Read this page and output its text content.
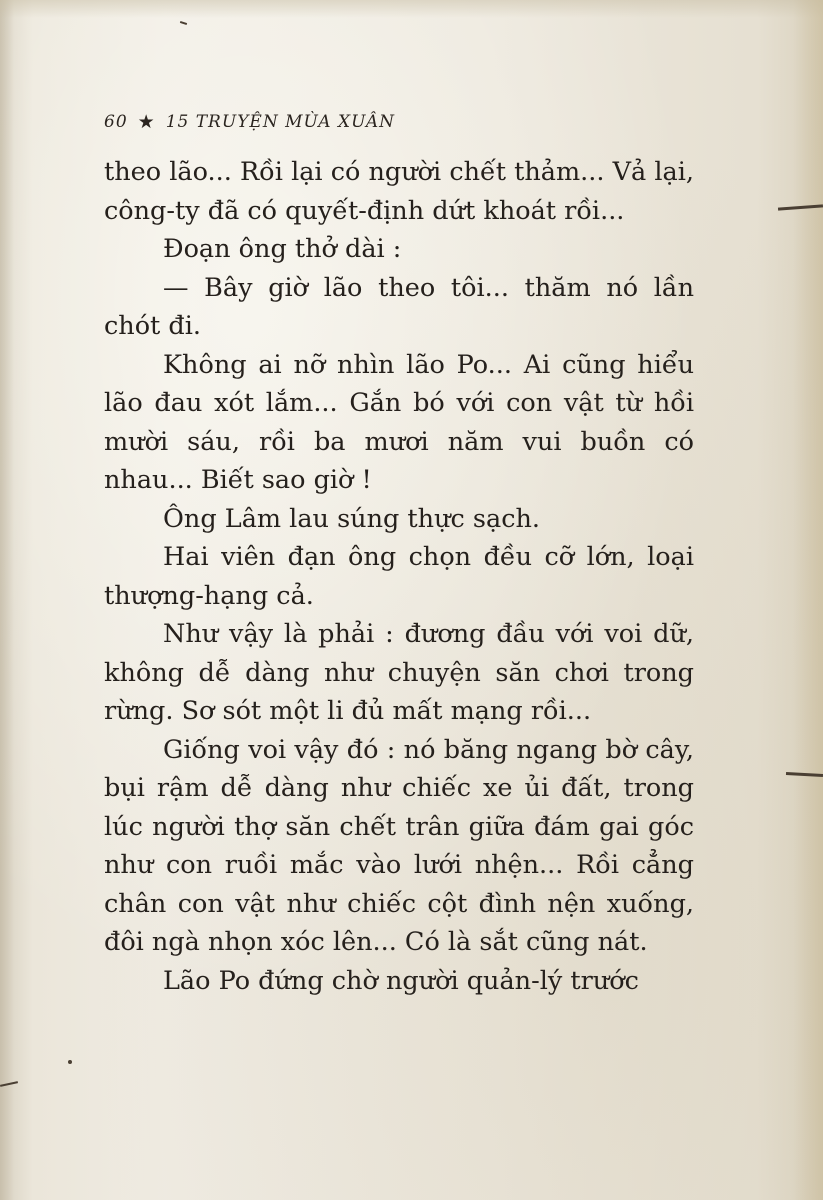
60 ★ 15 TRUYỆN MÙA XUÂN

theo lão... Rồi lại có người chết thảm... Vả lại, công-ty đã có quyết-định dứt khoát rồi...

Đoạn ông thở dài :

— Bây giờ lão theo tôi... thăm nó lần chót đi.

Không ai nỡ nhìn lão Po... Ai cũng hiểu lão đau xót lắm... Gắn bó với con vật từ hồi mười sáu, rồi ba mươi năm vui buồn có nhau... Biết sao giờ !

Ông Lâm lau súng thực sạch.

Hai viên đạn ông chọn đều cỡ lớn, loại thượng-hạng cả.

Như vậy là phải : đương đầu với voi dữ, không dễ dàng như chuyện săn chơi trong rừng. Sơ sót một li đủ mất mạng rồi...

Giống voi vậy đó : nó băng ngang bờ cây, bụi rậm dễ dàng như chiếc xe ủi đất, trong lúc người thợ săn chết trân giữa đám gai góc như con ruồi mắc vào lưới nhện... Rồi cẳng chân con vật như chiếc cột đình nện xuống, đôi ngà nhọn xóc lên... Có là sắt cũng nát.

Lão Po đứng chờ người quản-lý trước
